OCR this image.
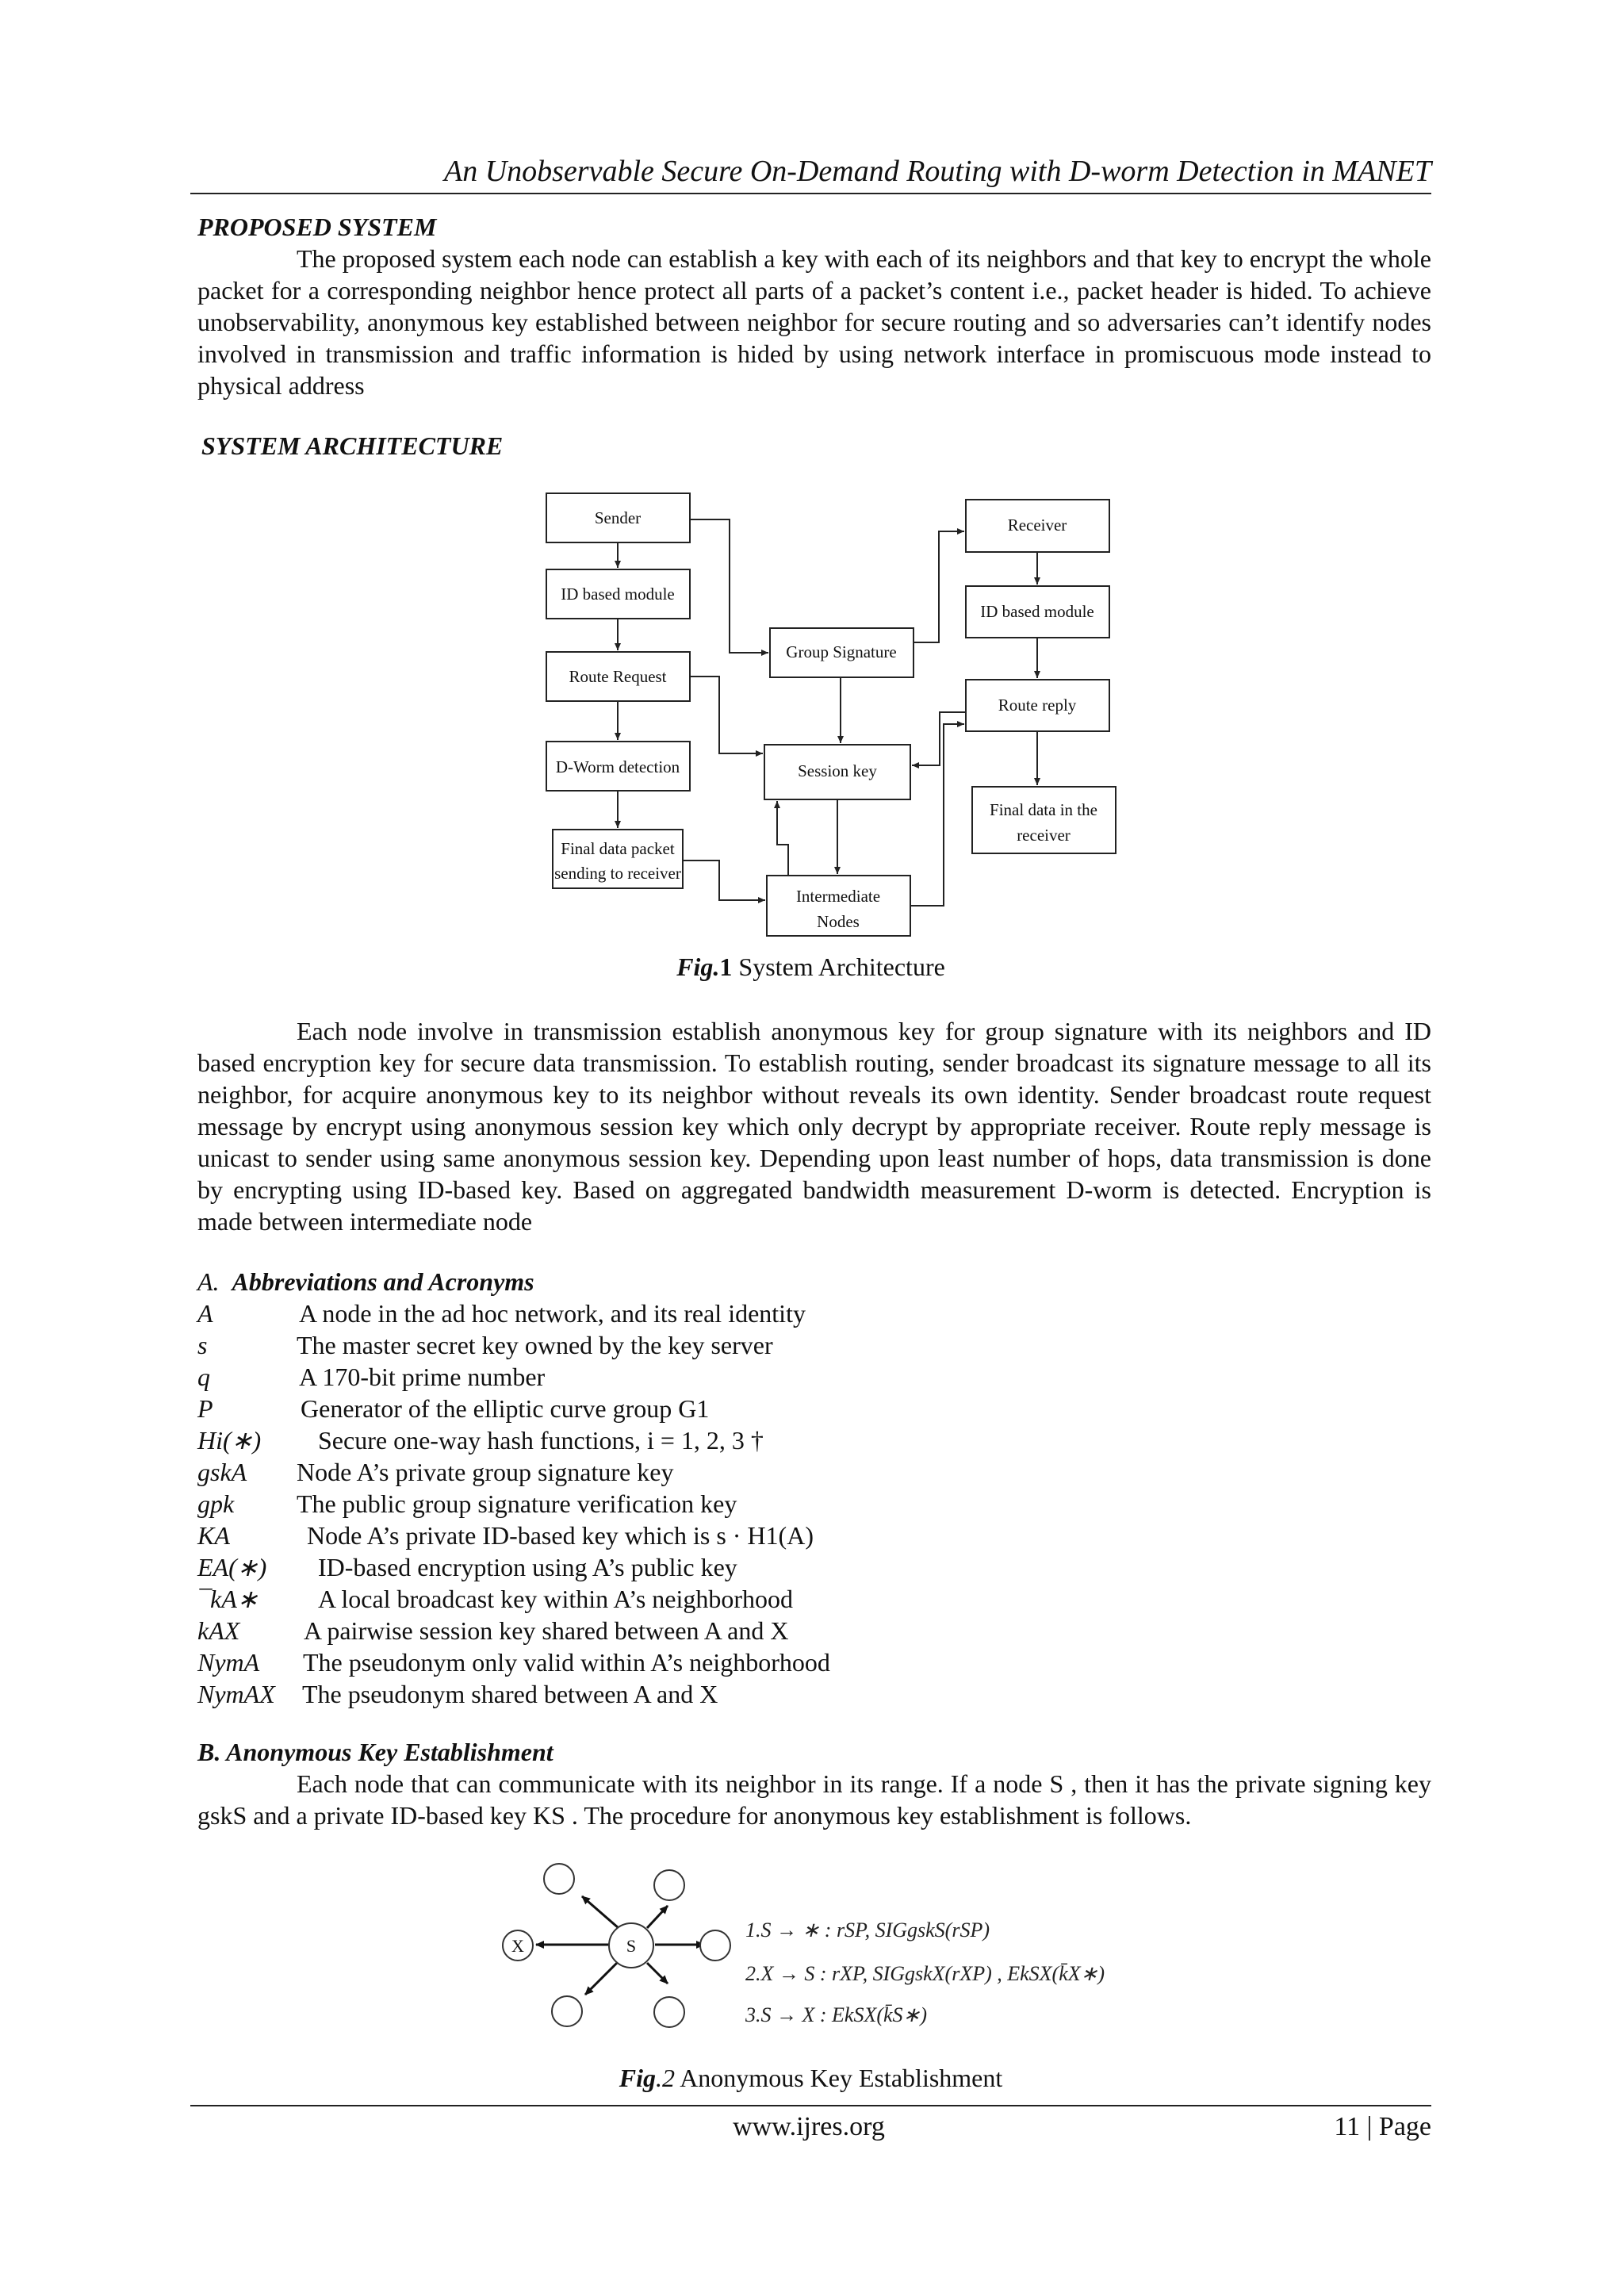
An Unobservable Secure On-Demand Routing with D-worm Detection in MANET
PROPOSED SYSTEM

The proposed system each node can establish a key with each of its neighbors and that key to encrypt the whole packet for a corresponding neighbor hence protect all parts of a packet’s content i.e., packet header is hided. To achieve unobservability, anonymous key established between neighbor for secure routing and so adversaries can’t identify nodes involved in transmission and traffic information is hided by using network interface in promiscuous mode instead to physical address

SYSTEM ARCHITECTURE
Sender
ID based module
Route Request
D-Worm detection
Final data packet
sending to receiver
Group Signature
Session key
Intermediate
Nodes
Receiver
ID based module
Route reply
Final data in the
receiver
Fig.1 System Architecture

Each node involve in transmission establish anonymous key for group signature with its neighbors and ID based encryption key for secure data transmission. To establish routing, sender broadcast its signature message to all its neighbor, for acquire anonymous key to its neighbor without reveals its own identity. Sender broadcast route request message by encrypt using anonymous session key which only decrypt by appropriate receiver. Route reply message is unicast to sender using same anonymous session key. Depending upon least number of hops, data transmission is done by encrypting using ID-based key. Based on aggregated bandwidth measurement D-worm is detected. Encryption is made between intermediate node

A. Abbreviations and Acronyms
A	A node in the ad hoc network, and its real identity
s	The master secret key owned by the key server
q	A 170-bit prime number
P	Generator of the elliptic curve group G1
Hi(∗) Secure one-way hash functions, i = 1, 2, 3 †
gskA Node A’s private group signature key
gpk The public group signature verification key
KA	Node A’s private ID-based key which is s · H1(A)
EA(∗) ID-based encryption using A’s public key
¯kA∗ A local broadcast key within A’s neighborhood
kAX	A pairwise session key shared between A and X
NymA The pseudonym only valid within A’s neighborhood
NymAX The pseudonym shared between A and X
B. Anonymous Key Establishment

Each node that can communicate with its neighbor in its range. If a node S , then it has the private signing key gskS and a private ID-based key KS . The procedure for anonymous key establishment is follows.

S
X
1.S → ∗ : rSP, SIGgskS(rSP)
2.X → S : rXP, SIGgskX(rXP) , EkSX(k̄X∗)
3.S → X : EkSX(k̄S∗)
Fig.2 Anonymous Key Establishment
www.ijres.org	11 | Page
